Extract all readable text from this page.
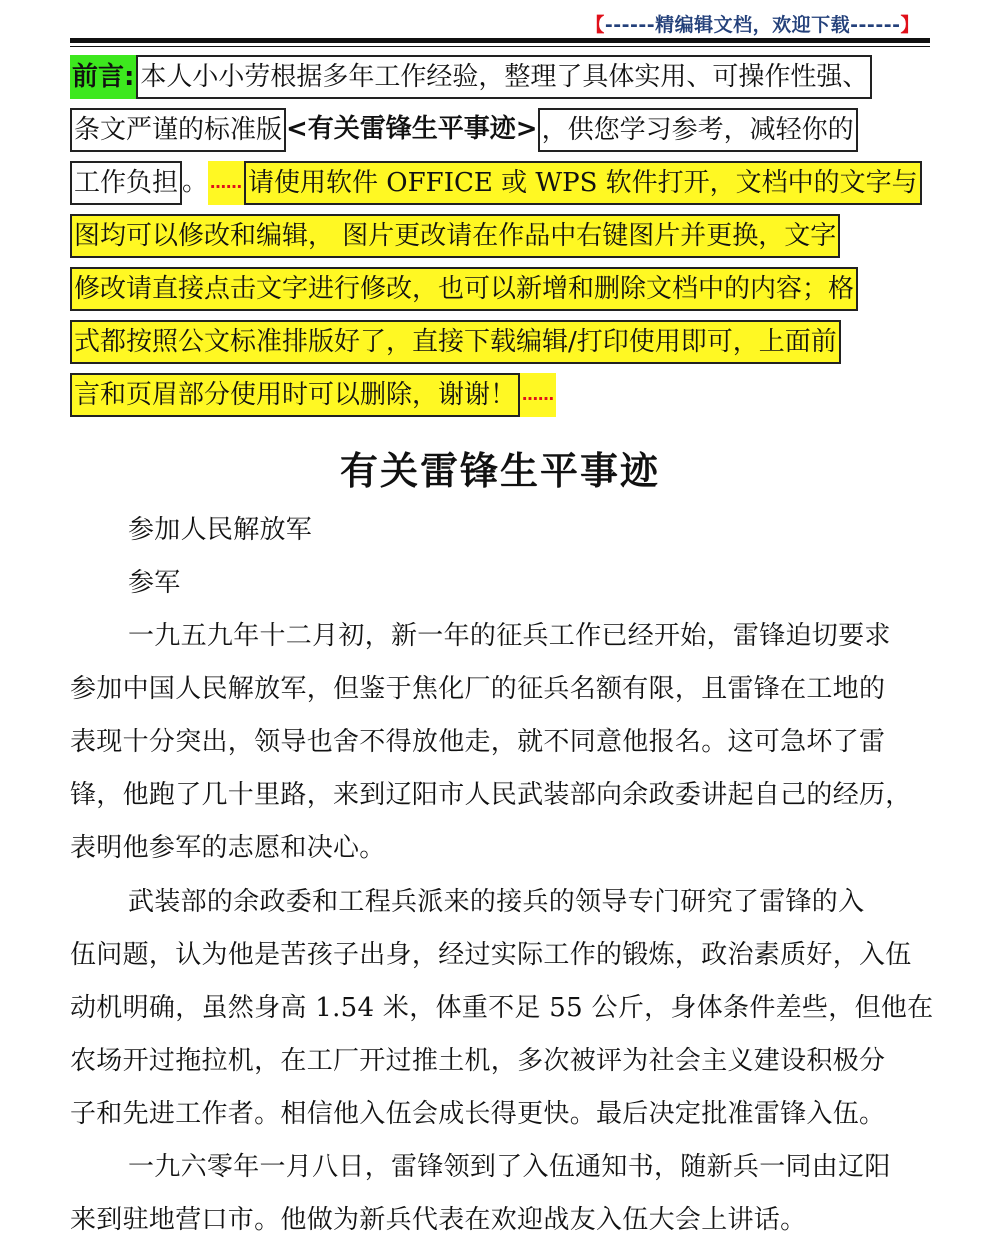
【------精编辑文档，欢迎下载------】
前言: 本人小小劳根据多年工作经验，整理了具体实用、可操作性强、
条文严谨的标准版 <有关雷锋生平事迹> ，供您学习参考，减轻你的
工作负担 。 …… 请使用软件 OFFICE 或 WPS 软件打开，文档中的文字与
图均可以修改和编辑， 图片更改请在作品中右键图片并更换，文字
修改请直接点击文字进行修改，也可以新增和删除文档中的内容；格
式都按照公文标准排版好了，直接下载编辑/打印使用即可，上面前
言和页眉部分使用时可以删除，谢谢！ ……
有关雷锋生平事迹
参加人民解放军
参军
一九五九年十二月初，新一年的征兵工作已经开始，雷锋迫切要求
参加中国人民解放军，但鉴于焦化厂的征兵名额有限，且雷锋在工地的
表现十分突出，领导也舍不得放他走，就不同意他报名。这可急坏了雷
锋，他跑了几十里路，来到辽阳市人民武装部向余政委讲起自己的经历，
表明他参军的志愿和决心。
武装部的余政委和工程兵派来的接兵的领导专门研究了雷锋的入
伍问题，认为他是苦孩子出身，经过实际工作的锻炼，政治素质好，入伍
动机明确，虽然身高 1.54 米，体重不足 55 公斤，身体条件差些，但他在
农场开过拖拉机，在工厂开过推土机，多次被评为社会主义建设积极分
子和先进工作者。相信他入伍会成长得更快。最后决定批准雷锋入伍。
一九六零年一月八日，雷锋领到了入伍通知书，随新兵一同由辽阳
来到驻地营口市。他做为新兵代表在欢迎战友入伍大会上讲话。
